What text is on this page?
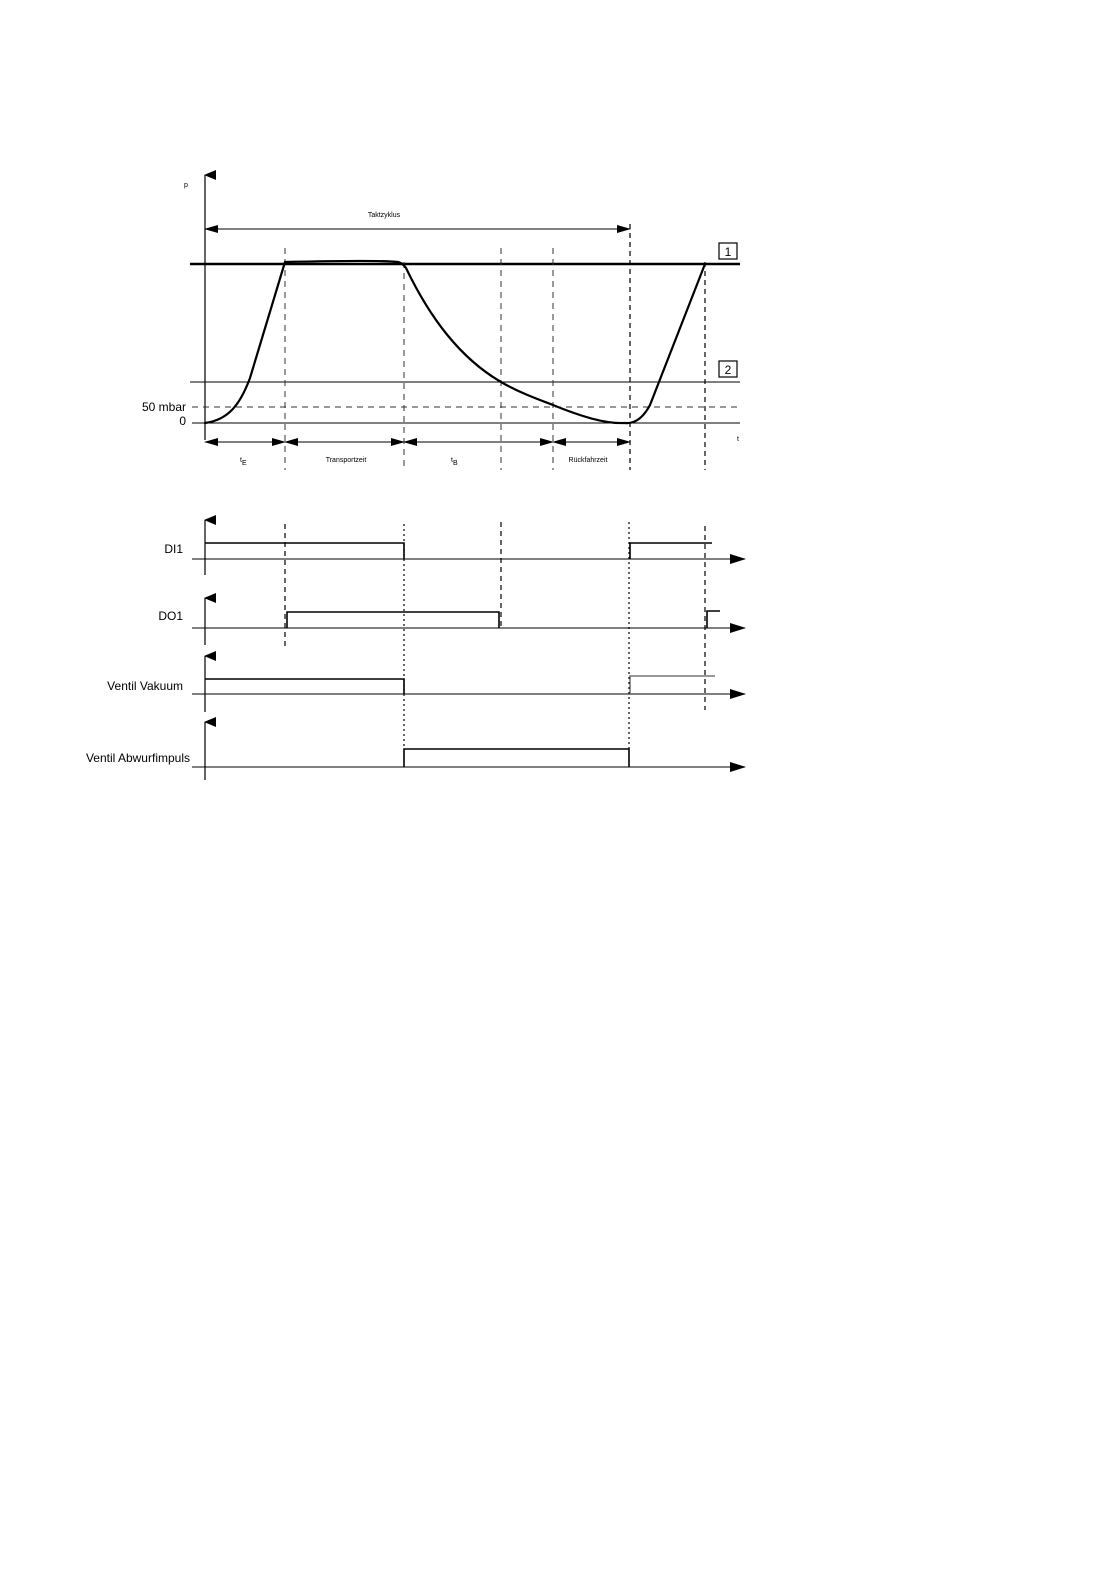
p
t
1
2
50 mbar
0
Taktzyklus
tE	Transportzeit	tB	Rückfahrzeit
DI1
DO1
Ventil Vakuum
Ventil Abwurfimpuls
